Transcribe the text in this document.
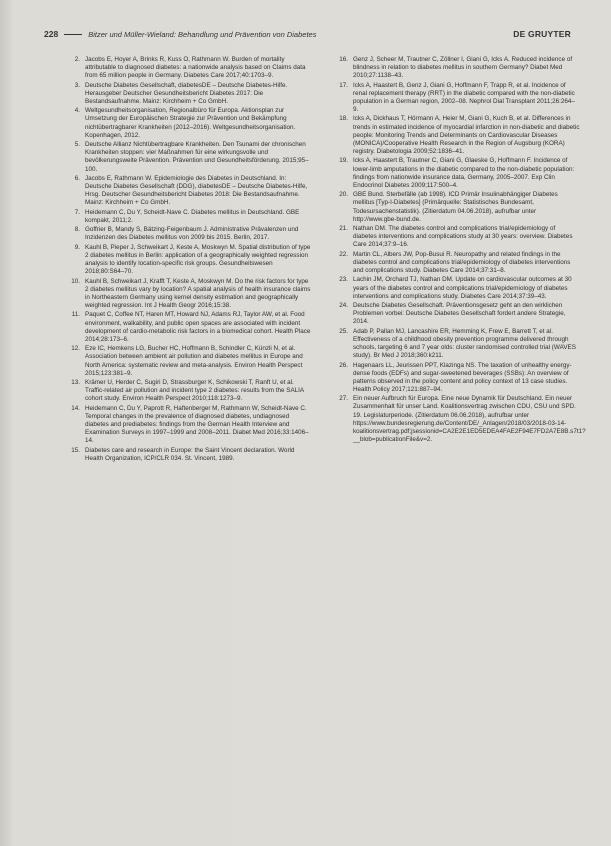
228	Bitzer und Müller-Wieland: Behandlung und Prävention von Diabetes	DE GRUYTER
2. Jacobs E, Hoyer A, Brinks R, Kuss O, Rathmann W. Burden of mortality attributable to diagnosed diabetes: a nationwide analysis based on Claims data from 65 million people in Germany. Diabetes Care 2017;40:1703–9.
3. Deutsche Diabetes Gesellschaft, diabetesDE – Deutsche Diabetes-Hilfe. Herausgeber Deutscher Gesundheitsbericht Diabetes 2017: Die Bestandsaufnahme. Mainz: Kirchheim + Co GmbH.
4. Weltgesundheitsorganisation, Regionalbüro für Europa. Aktionsplan zur Umsetzung der Europäischen Strategie zur Prävention und Bekämpfung nichtübertragbarer Krankheiten (2012–2016). Weltgesundheitsorganisation. Kopenhagen, 2012.
5. Deutsche Allianz Nichtübertragbare Krankheiten. Den Tsunami der chronischen Krankheiten stoppen: vier Maßnahmen für eine wirkungsvolle und bevölkerungsweite Prävention. Prävention und Gesundheitsförderung. 2015;95–100.
6. Jacobs E, Rathmann W. Epidemiologie des Diabetes in Deutschland. In: Deutsche Diabetes Gesellschaft (DDG), diabetesDE – Deutsche Diabetes-Hilfe, Hrsg. Deutscher Gesundheitsbericht Diabetes 2018: Die Bestandsaufnahme. Mainz: Kirchheim + Co GmbH.
7. Heidemann C, Du Y, Scheidt-Nave C. Diabetes mellitus in Deutschland. GBE kompakt, 2011;2.
8. Goffrier B, Mandy S, Bätzing-Feigenbaum J. Administrative Prävalenzen und Inzidenzen des Diabetes mellitus von 2009 bis 2015. Berlin, 2017.
9. Kauhl B, Pieper J, Schweikart J, Keste A, Moskwyn M. Spatial distribution of type 2 diabetes mellitus in Berlin: application of a geographically weighted regression analysis to identify location-specific risk groups. Gesundheitswesen 2018;80:S64–70.
10. Kauhl B, Schweikart J, Krafft T, Keste A, Moskwyn M. Do the risk factors for type 2 diabetes mellitus vary by location? A spatial analysis of health insurance claims in Northeastern Germany using kernel density estimation and geographically weighted regression. Int J Health Geogr 2016;15:38.
11. Paquet C, Coffee NT, Haren MT, Howard NJ, Adams RJ, Taylor AW, et al. Food environment, walkability, and public open spaces are associated with incident development of cardio-metabolic risk factors in a biomedical cohort. Health Place 2014;28:173–6.
12. Eze IC, Hemkens LG, Bucher HC, Hoffmann B, Schindler C, Künzli N, et al. Association between ambient air pollution and diabetes mellitus in Europe and North America: systematic review and meta-analysis. Environ Health Perspect 2015;123:381–9.
13. Krämer U, Herder C, Sugiri D, Strassburger K, Schikowski T, Ranft U, et al. Traffic-related air pollution and incident type 2 diabetes: results from the SALIA cohort study. Environ Health Perspect 2010;118:1273–9.
14. Heidemann C, Du Y, Paprott R, Haftenberger M, Rathmann W, Scheidt-Nave C. Temporal changes in the prevalence of diagnosed diabetes, undiagnosed diabetes and prediabetes: findings from the German Health Interview and Examination Surveys in 1997–1999 and 2008–2011. Diabet Med 2016;33:1406–14.
15. Diabetes care and research in Europe: the Saint Vincent declaration. World Health Organization, ICP/CLR 034. St. Vincent, 1989.
16. Genz J, Scheer M, Trautner C, Zöllner I, Giani G, Icks A. Reduced incidence of blindness in relation to diabetes mellitus in southern Germany? Diabet Med 2010;27:1138–43.
17. Icks A, Haastert B, Genz J, Giani G, Hoffmann F, Trapp R, et al. Incidence of renal replacement therapy (RRT) in the diabetic compared with the non-diabetic population in a German region, 2002–08. Nephrol Dial Transplant 2011;26:264–9.
18. Icks A, Dickhaus T, Hörmann A, Heier M, Giani G, Kuch B, et al. Differences in trends in estimated incidence of myocardial infarction in non-diabetic and diabetic people: Monitoring Trends and Determinants on Cardiovascular Diseases (MONICA)/Cooperative Health Research in the Region of Augsburg (KORA) registry. Diabetologia 2009;52:1836–41.
19. Icks A, Haastert B, Trautner C, Giani G, Glaeske G, Hoffmann F. Incidence of lower-limb amputations in the diabetic compared to the non-diabetic population: findings from nationwide insurance data, Germany, 2005–2007. Exp Clin Endocrinol Diabetes 2009;117:500–4.
20. GBE Bund. Sterbefälle (ab 1998). ICD Primär Insulinabhängiger Diabetes mellitus [Typ-I-Diabetes] (Primärquelle: Statistisches Bundesamt, Todesursachenstatistik). (Zitierdatum 04.06.2018), aufrufbar unter http://www.gbe-bund.de.
21. Nathan DM. The diabetes control and complications trial/epidemiology of diabetes interventions and complications study at 30 years: overview. Diabetes Care 2014;37:9–16.
22. Martin CL, Albers JW, Pop-Busui R. Neuropathy and related findings in the diabetes control and complications trial/epidemiology of diabetes interventions and complications study. Diabetes Care 2014;37:31–8.
23. Lachin JM, Orchard TJ, Nathan DM. Update on cardiovascular outcomes at 30 years of the diabetes control and complications trial/epidemiology of diabetes interventions and complications study. Diabetes Care 2014;37:39–43.
24. Deutsche Diabetes Gesellschaft. Präventionsgesetz geht an den wirklichen Problemen vorbei: Deutsche Diabetes Gesellschaft fordert andere Strategie, 2014.
25. Adab P, Pallan MJ, Lancashire ER, Hemming K, Frew E, Barrett T, et al. Effectiveness of a childhood obesity prevention programme delivered through schools, targeting 6 and 7 year olds: cluster randomised controlled trial (WAVES study). Br Med J 2018;360:k211.
26. Hagenaars LL, Jeurissen PPT, Klazinga NS. The taxation of unhealthy energy-dense foods (EDFs) and sugar-sweetened beverages (SSBs): An overview of patterns observed in the policy content and policy context of 13 case studies. Health Policy 2017;121:887–94.
27. Ein neuer Aufbruch für Europa. Eine neue Dynamik für Deutschland. Ein neuer Zusammenhalt für unser Land. Koalitionsvertrag zwischen CDU, CSU und SPD. 19. Legislaturperiode. (Zitierdatum 06.06.2018), aufrufbar unter https://www.bundesregierung.de/Content/DE/_Anlagen/2018/03/2018-03-14-koalitionsvertrag.pdf;jsessionid=CA2E2E1ED5EDEA4FAE2F94E7FD2A7E8B.s7t1?__blob=publicationFile&v=2.
